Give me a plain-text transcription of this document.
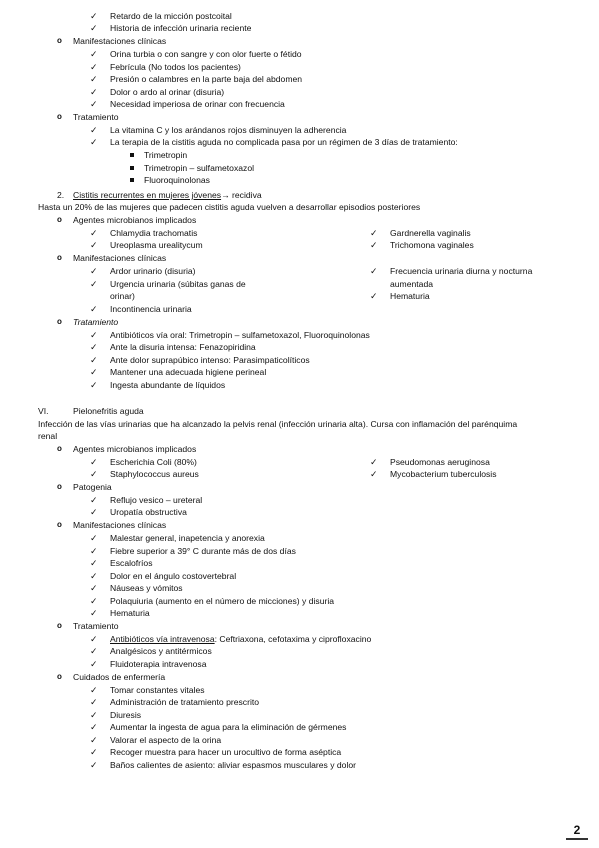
✓
Retardo de la micción postcoital
✓
Historia de infección urinaria reciente
o
Manifestaciones clínicas
✓
Orina turbia o con sangre y con olor fuerte o fétido
✓
Febrícula (No todos los pacientes)
✓
Presión o calambres en la parte baja del abdomen
✓
Dolor o ardo al orinar (disuria)
✓
Necesidad imperiosa de orinar con frecuencia
o
Tratamiento
✓
La vitamina C y los arándanos rojos disminuyen la adherencia
✓
La terapia de la cistitis aguda no complicada pasa por un régimen de 3 días de tratamiento:
Trimetropin
Trimetropin – sulfametoxazol
Fluoroquinolonas
2. Cistitis recurrentes en mujeres jóvenes→ recidiva
Hasta un 20% de las mujeres que padecen cistitis aguda vuelven a desarrollar episodios posteriores
o
Agentes microbianos implicados
✓
Chlamydia trachomatis
✓
Ureoplasma urealitycum
✓
Gardnerella vaginalis
✓
Trichomona vaginales
o
Manifestaciones clínicas
✓
Ardor urinario (disuria)
✓
Urgencia urinaria (súbitas ganas de
orinar)
✓
Incontinencia urinaria
✓
Frecuencia urinaria diurna y nocturna
aumentada
✓
Hematuria
o
Tratamiento
✓
Antibióticos vía oral: Trimetropin – sulfametoxazol, Fluoroquinolonas
✓
Ante la disuria intensa: Fenazopiridina
✓
Ante dolor suprapúbico intenso: Parasimpaticolíticos
✓
Mantener una adecuada higiene perineal
✓
Ingesta abundante de líquidos
VI.	Pielonefritis aguda
Infección de las vías urinarias que ha alcanzado la pelvis renal (infección urinaria alta). Cursa con inflamación del parénquima
renal
o
Agentes microbianos implicados
✓
Escherichia Coli (80%)
✓
Staphylococcus aureus
✓
Pseudomonas aeruginosa
✓
Mycobacterium tuberculosis
o
Patogenia
✓
Reflujo vesico – ureteral
✓
Uropatía obstructiva
o
Manifestaciones clínicas
✓
Malestar general, inapetencia y anorexia
✓
Fiebre superior a 39° C durante más de dos días
✓
Escalofríos
✓
Dolor en el ángulo costovertebral
✓
Náuseas y vómitos
✓
Polaquiuria (aumento en el número de micciones) y disuria
✓
Hematuria
o
Tratamiento
✓
Antibióticos vía intravenosa: Ceftriaxona, cefotaxima y ciprofloxacino
✓
Analgésicos y antitérmicos
✓
Fluidoterapia intravenosa
o
Cuidados de enfermería
✓
Tomar constantes vitales
✓
Administración de tratamiento prescrito
✓
Diuresis
✓
Aumentar la ingesta de agua para la eliminación de gérmenes
✓
Valorar el aspecto de la orina
✓
Recoger muestra para hacer un urocultivo de forma aséptica
✓
Baños calientes de asiento: aliviar espasmos musculares y dolor
2
